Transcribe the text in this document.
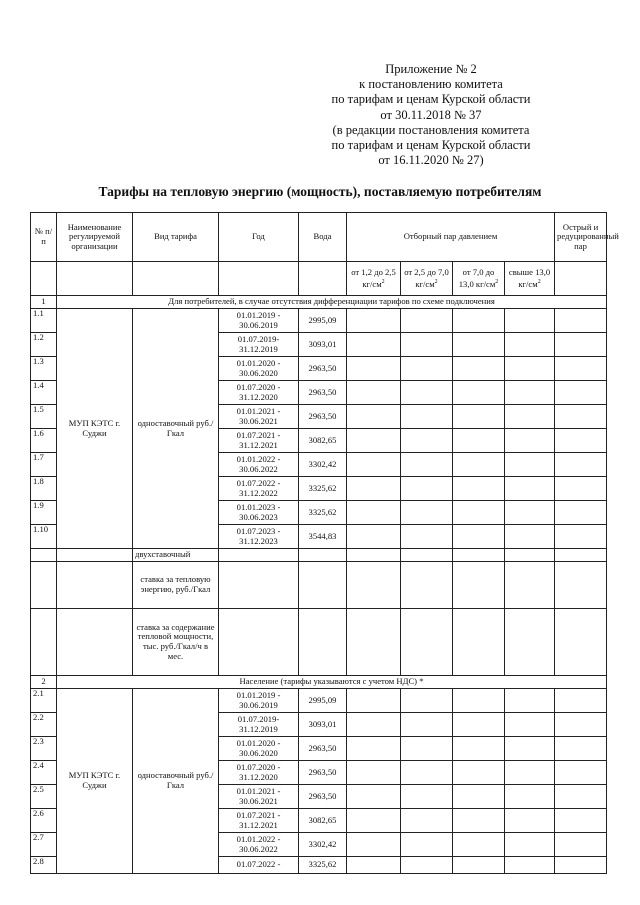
Приложение № 2
к постановлению комитета
по тарифам и ценам Курской области
от 30.11.2018 № 37
(в редакции постановления комитета
по тарифам и ценам Курской области
от 16.11.2020 № 27)
Тарифы на тепловую энергию (мощность), поставляемую потребителям
№ п/п	Наименование регулируемой организации	Вид тарифа	Год	Вода	Отборный пар давлением				Острый и редуцированный пар
					от 1,2 до 2,5 $кг/см^2$	от 2,5 до 7,0 $кг/см^2$	от 7,0 до 13,0 $кг/см^2$	свыше 13,0 $кг/см^2$	
1	Для потребителей, в случае отсутствия дифференциации тарифов по схеме подключения								
1.1	МУП КЭТС г. Суджи	одноставочный руб./Гкал	01.01.2019 - 30.06.2019	2995,09					
1.2			01.07.2019- 31.12.2019	3093,01					
1.3			01.01.2020 - 30.06.2020	2963,50					
1.4			01.07.2020 - 31.12.2020	2963,50					
1.5			01.01.2021 - 30.06.2021	2963,50					
1.6			01.07.2021 - 31.12.2021	3082,65					
1.7			01.01.2022 - 30.06.2022	3302,42					
1.8			01.07.2022 - 31.12.2022	3325,62					
1.9			01.01.2023 - 30.06.2023	3325,62					
1.10			01.07.2023 - 31.12.2023	3544,83					
		двухставочный							
		ставка за тепловую энергию, руб./Гкал							
		ставка за содержание тепловой мощности, тыс. руб./Гкал/ч в мес.							
2	Население (тарифы указываются с учетом НДС) *								
2.1	МУП КЭТС г. Суджи	одноставочный руб./Гкал	01.01.2019 - 30.06.2019	2995,09					
2.2			01.07.2019- 31.12.2019	3093,01					
2.3			01.01.2020 - 30.06.2020	2963,50					
2.4			01.07.2020 - 31.12.2020	2963,50					
2.5			01.01.2021 - 30.06.2021	2963,50					
2.6			01.07.2021 - 31.12.2021	3082,65					
2.7			01.01.2022 - 30.06.2022	3302,42					
2.8			01.07.2022 -	3325,62					
